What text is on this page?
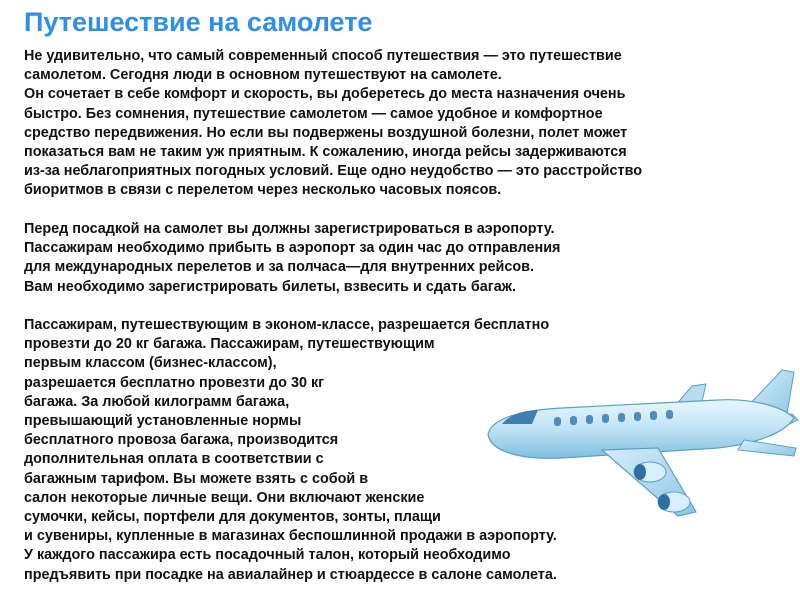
Путешествие на самолете

Не удивительно, что самый современный способ путешествия — это путешествие
самолетом. Сегодня люди в основном путешествуют на самолете.
Он сочетает в себе комфорт и скорость, вы доберетесь до места назначения очень
быстро. Без сомнения, путешествие самолетом — самое удобное и комфортное
средство передвижения. Но если вы подвержены воздушной болезни, полет может
показаться вам не таким уж приятным. К сожалению, иногда рейсы задерживаются
из-за неблагоприятных погодных условий. Еще одно неудобство — это расстройство
биоритмов в связи с перелетом через несколько часовых поясов.

Перед посадкой на самолет вы должны зарегистрироваться в аэропорту.
Пассажирам необходимо прибыть в аэропорт за один час до отправления
для международных перелетов и за полчаса—для внутренних рейсов.
Вам необходимо зарегистрировать билеты, взвесить и сдать багаж.

Пассажирам, путешествующим в эконом-классе, разрешается бесплатно
провезти до 20 кг багажа. Пассажирам, путешествующим
первым классом (бизнес-классом),
разрешается бесплатно провезти до 30 кг
багажа. За любой килограмм багажа,
превышающий установленные нормы
бесплатного провоза багажа, производится
дополнительная оплата в соответствии с
багажным тарифом. Вы можете взять с собой в
салон некоторые личные вещи. Они включают женские
сумочки, кейсы, портфели для документов, зонты, плащи
и сувениры, купленные в магазинах беспошлинной продажи в аэропорту.
У каждого пассажира есть посадочный талон, который необходимо
предъявить при посадке на авиалайнер и стюардессе в салоне самолета.
